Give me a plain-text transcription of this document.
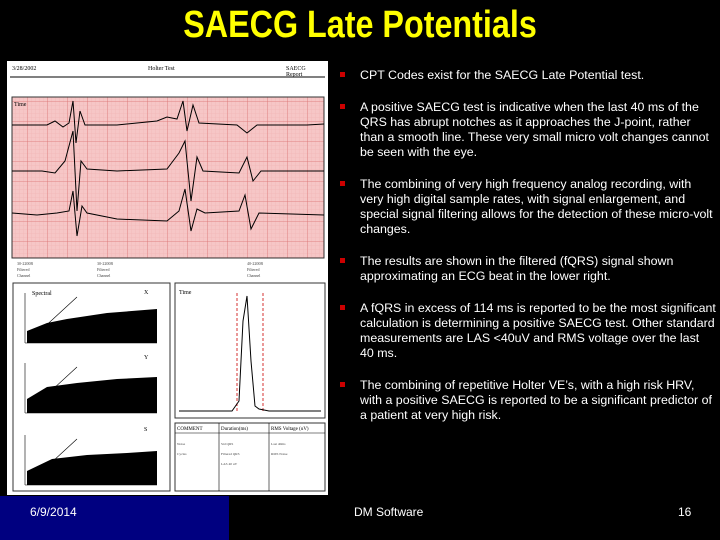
SAECG Late Potentials
3/28/2002	Holter Test	SAECG Report
Time
30-2200B
Filtered
Channel
30-2200B
Filtered
Channel
40-2200B
Filtered
Channel
Spectral	X
Y
S
Time
COMMENT	Duration(ms)	RMS Voltage (uV)
Noise	Std QRS	Last 40ms
Cycles	Filtered QRS	RMS Noise
LAS 40 uV
CPT Codes exist for the SAECG Late Potential test.
A positive SAECG test is indicative when the last 40 ms of the QRS has abrupt notches as it approaches the J-point, rather than a smooth line. These very small micro volt changes cannot be seen with the eye.
The combining of very high frequency analog recording, with very high digital sample rates, with signal enlargement, and special signal filtering allows for the detection of these micro-volt changes.
The results are shown in the filtered (fQRS) signal shown approximating an ECG beat in the lower right.
A fQRS in excess of 114 ms is reported to be the most significant calculation is determining a positive SAECG test. Other standard measurements are LAS <40uV and RMS voltage over the last 40 ms.
The combining of repetitive Holter VE’s, with a high risk HRV, with a positive SAECG is reported to be a significant predictor of a patient at very high risk.
6/9/2014	DM Software	16
